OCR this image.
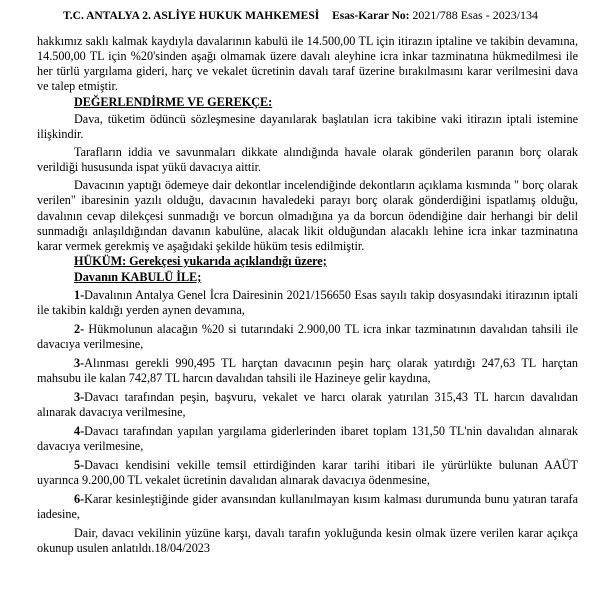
T.C. ANTALYA 2. ASLİYE HUKUK MAHKEMESİ Esas-Karar No: 2021/788 Esas - 2023/134

hakkımız saklı kalmak kaydıyla davalarının kabulü ile 14.500,00 TL için itirazın iptaline ve takibin devamına, 14.500,00 TL için %20'sinden aşağı olmamak üzere davalı aleyhine icra inkar tazminatına hükmedilmesi ile her türlü yargılama gideri, harç ve vekalet ücretinin davalı taraf üzerine bırakılmasını karar verilmesini dava ve talep etmiştir.

DEĞERLENDİRME VE GEREKÇE:

Dava, tüketim ödüncü sözleşmesine dayanılarak başlatılan icra takibine vaki itirazın iptali istemine ilişkindir.

Tarafların iddia ve savunmaları dikkate alındığında havale olarak gönderilen paranın borç olarak verildiği hususunda ispat yükü davacıya aittir.

Davacının yaptığı ödemeye dair dekontlar incelendiğinde dekontların açıklama kısmında " borç olarak verilen" ibaresinin yazılı olduğu, davacının havaledeki parayı borç olarak gönderdiğini ispatlamış olduğu, davalının cevap dilekçesi sunmadığı ve borcun olmadığına ya da borcun ödendiğine dair herhangi bir delil sunmadığı anlaşıldığından davanın kabulüne, alacak likit olduğundan alacaklı lehine icra inkar tazminatına karar vermek gerekmiş ve aşağıdaki şekilde hüküm tesis edilmiştir.

HÜKÜM: Gerekçesi yukarıda açıklandığı üzere;

Davanın KABULÜ İLE;

1-Davalının Antalya Genel İcra Dairesinin 2021/156650 Esas sayılı takip dosyasındaki itirazının iptali ile takibin kaldığı yerden aynen devamına,

2- Hükmolunun alacağın %20 si tutarındaki 2.900,00 TL icra inkar tazminatının davalıdan tahsili ile davacıya verilmesine,

3-Alınması gerekli 990,495 TL harçtan davacının peşin harç olarak yatırdığı 247,63 TL harçtan mahsubu ile kalan 742,87 TL harcın davalıdan tahsili ile Hazineye gelir kaydına,

3-Davacı tarafından peşin, başvuru, vekalet ve harcı olarak yatırılan 315,43 TL harcın davalıdan alınarak davacıya verilmesine,

4-Davacı tarafından yapılan yargılama giderlerinden ibaret toplam 131,50 TL'nin davalıdan alınarak davacıya verilmesine,

5-Davacı kendisini vekille temsil ettirdiğinden karar tarihi itibari ile yürürlükte bulunan AAÜT uyarınca 9.200,00 TL vekalet ücretinin davalıdan alınarak davacıya ödenmesine,

6-Karar kesinleştiğinde gider avansından kullanılmayan kısım kalması durumunda bunu yatıran tarafa iadesine,

Dair, davacı vekilinin yüzüne karşı, davalı tarafın yokluğunda kesin olmak üzere verilen karar açıkça okunup usulen anlatıldı.18/04/2023
